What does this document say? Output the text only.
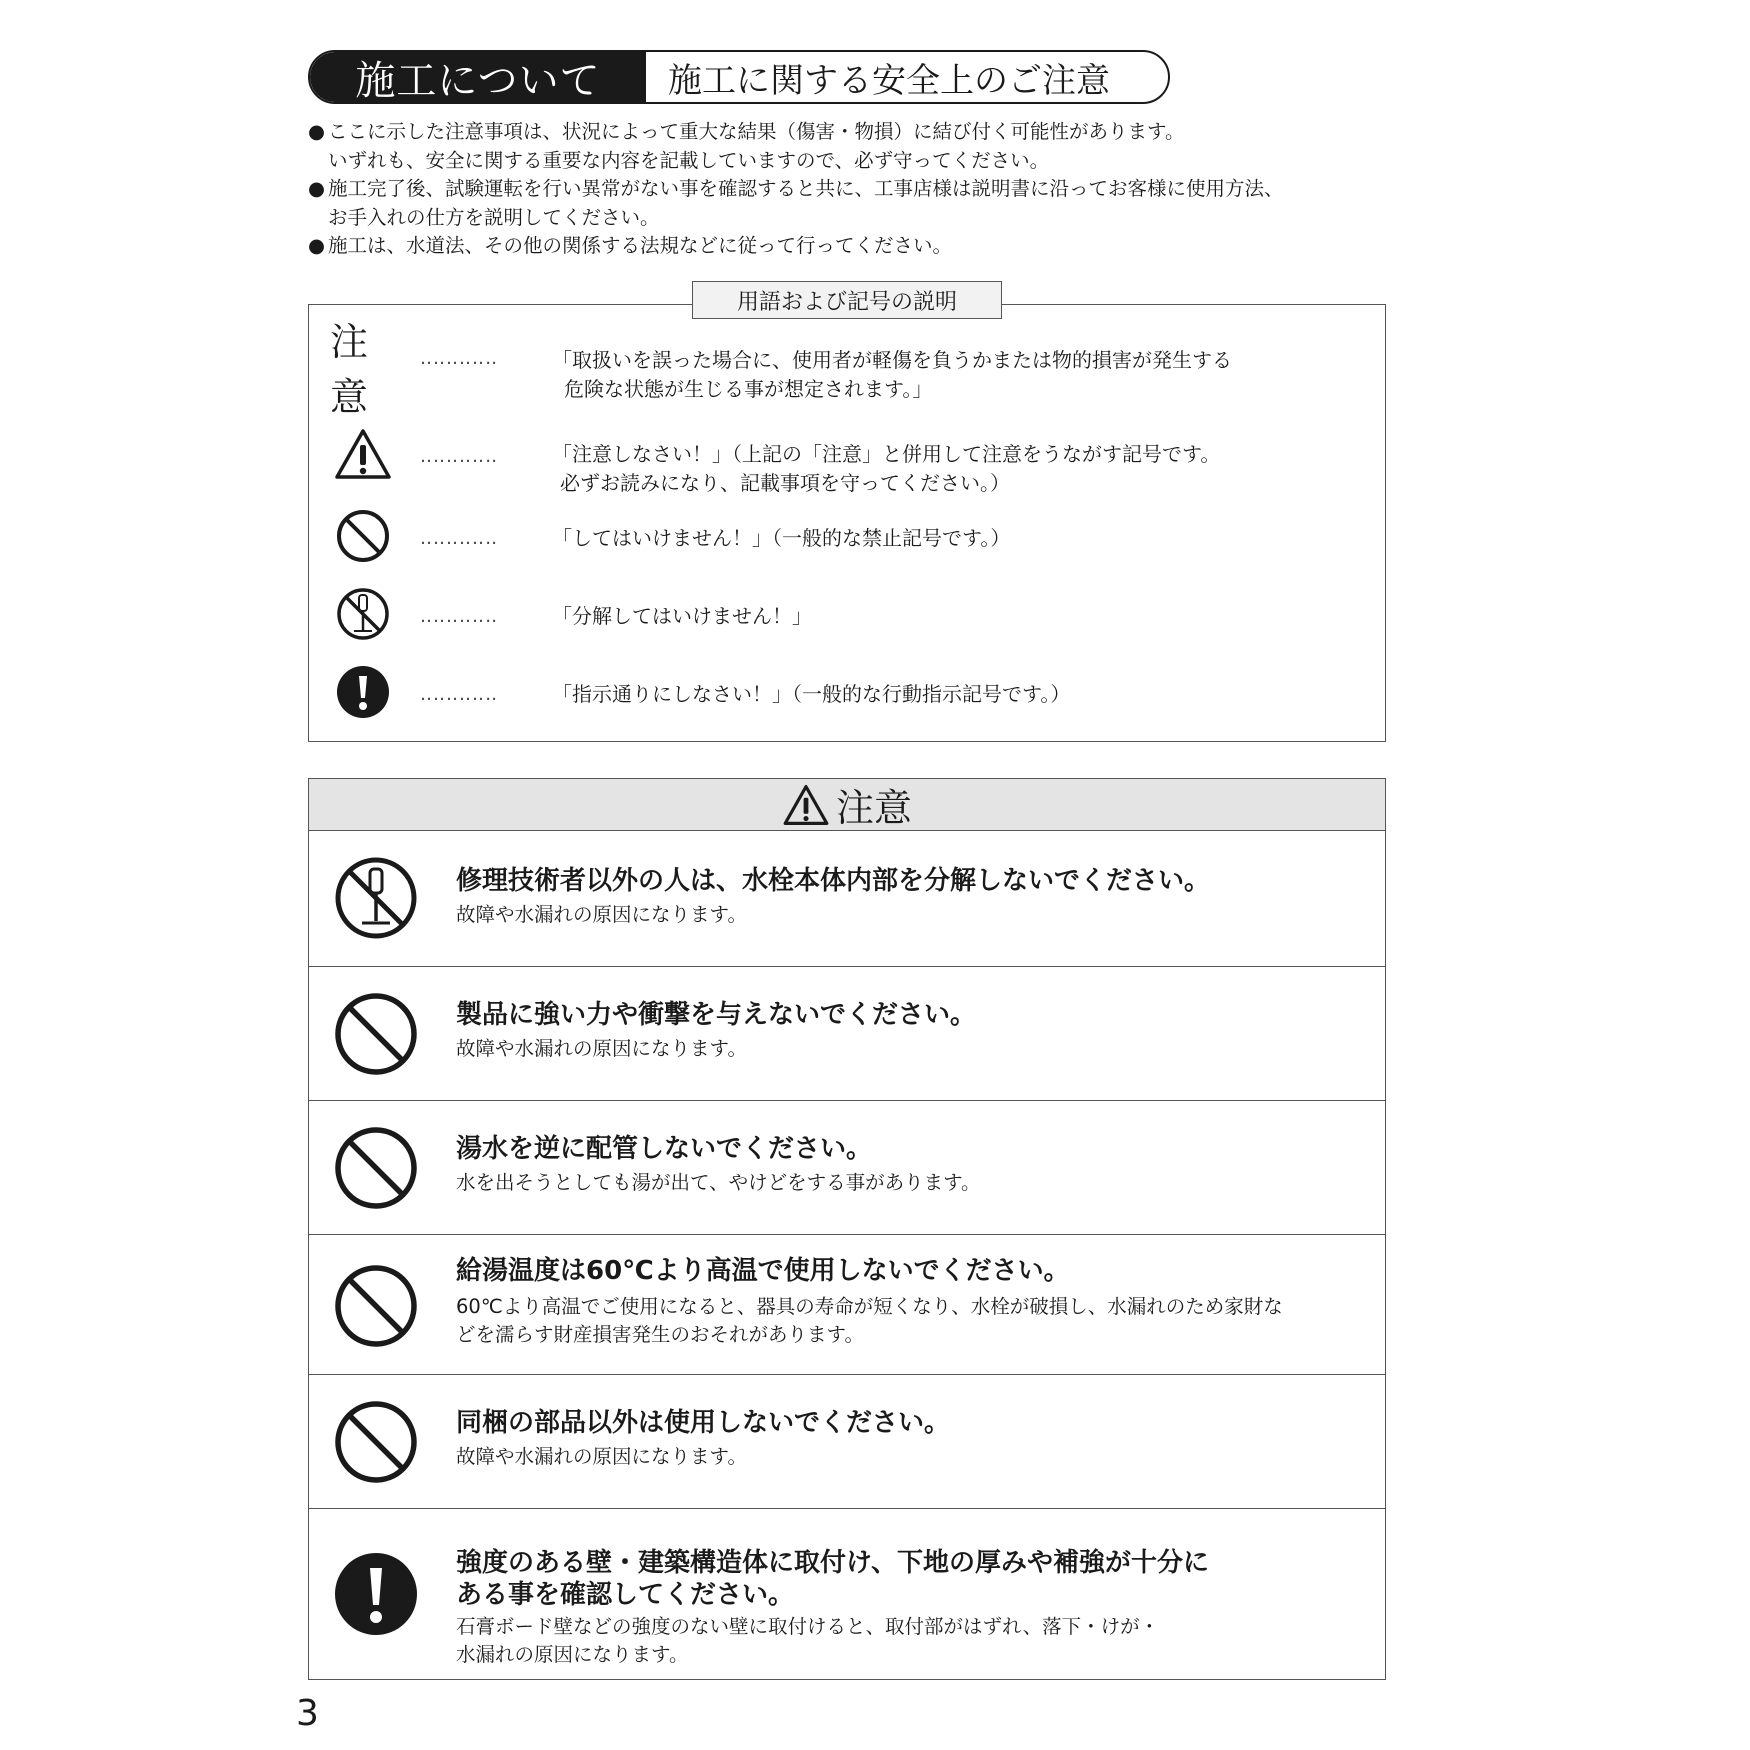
施工について	施工に関する安全上のご注意
● ここに示した注意事項は、状況によって重大な結果（傷害・物損）に結び付く可能性があります。
いずれも、安全に関する重要な内容を記載していますので、必ず守ってください。
● 施工完了後、試験運転を行い異常がない事を確認すると共に、工事店様は説明書に沿ってお客様に使用方法、
お手入れの仕方を説明してください。
● 施工は、水道法、その他の関係する法規などに従って行ってください。
用語および記号の説明
注意
‥‥‥‥‥‥	「取扱いを誤った場合に、使用者が軽傷を負うかまたは物的損害が発生する
危険な状態が生じる事が想定されます。」
‥‥‥‥‥‥	「注意しなさい！」（上記の「注意」と併用して注意をうながす記号です。
必ずお読みになり、記載事項を守ってください。）
‥‥‥‥‥‥	「してはいけません！」（一般的な禁止記号です。）
‥‥‥‥‥‥	「分解してはいけません！」
‥‥‥‥‥‥	「指示通りにしなさい！」（一般的な行動指示記号です。）
注意
修理技術者以外の人は、水栓本体内部を分解しないでください。
故障や水漏れの原因になります。
製品に強い力や衝撃を与えないでください。
故障や水漏れの原因になります。
湯水を逆に配管しないでください。
水を出そうとしても湯が出て、やけどをする事があります。
給湯温度は60℃より高温で使用しないでください。
60℃より高温でご使用になると、器具の寿命が短くなり、水栓が破損し、水漏れのため家財な
どを濡らす財産損害発生のおそれがあります。
同梱の部品以外は使用しないでください。
故障や水漏れの原因になります。
強度のある壁・建築構造体に取付け、下地の厚みや補強が十分に
ある事を確認してください。
石膏ボード壁などの強度のない壁に取付けると、取付部がはずれ、落下・けが・
水漏れの原因になります。
3
